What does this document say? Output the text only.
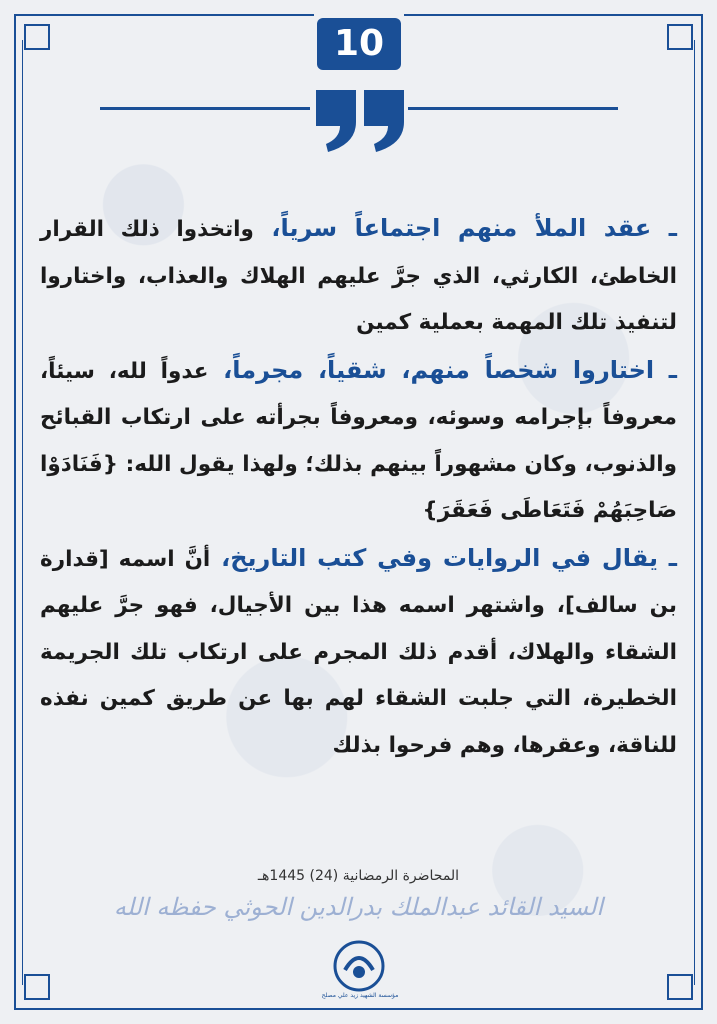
10

ـ عقد الملأ منهم اجتماعاً سرياً، واتخذوا ذلك القرار الخاطئ، الكارثي، الذي جرَّ عليهم الهلاك والعذاب، واختاروا لتنفيذ تلك المهمة بعملية كمين

ـ اختاروا شخصاً منهم، شقياً، مجرماً، عدواً لله، سيئاً، معروفاً بإجرامه وسوئه، ومعروفاً بجرأته على ارتكاب القبائح والذنوب، وكان مشهوراً بينهم بذلك؛ ولهذا يقول الله: {فَنَادَوْا صَاحِبَهُمْ فَتَعَاطَى فَعَقَرَ}

ـ يقال في الروايات وفي كتب التاريخ، أنَّ اسمه [قدارة بن سالف]، واشتهر اسمه هذا بين الأجيال، فهو جرَّ عليهم الشقاء والهلاك، أقدم ذلك المجرم على ارتكاب تلك الجريمة الخطيرة، التي جلبت الشقاء لهم بها عن طريق كمين نفذه للناقة، وعقرها، وهم فرحوا بذلك

المحاضرة الرمضانية (24) 1445هـ
السيد القائد عبدالملك بدرالدين الحوثي حفظه الله
مؤسسة الشهيد زيد علي مصلح
